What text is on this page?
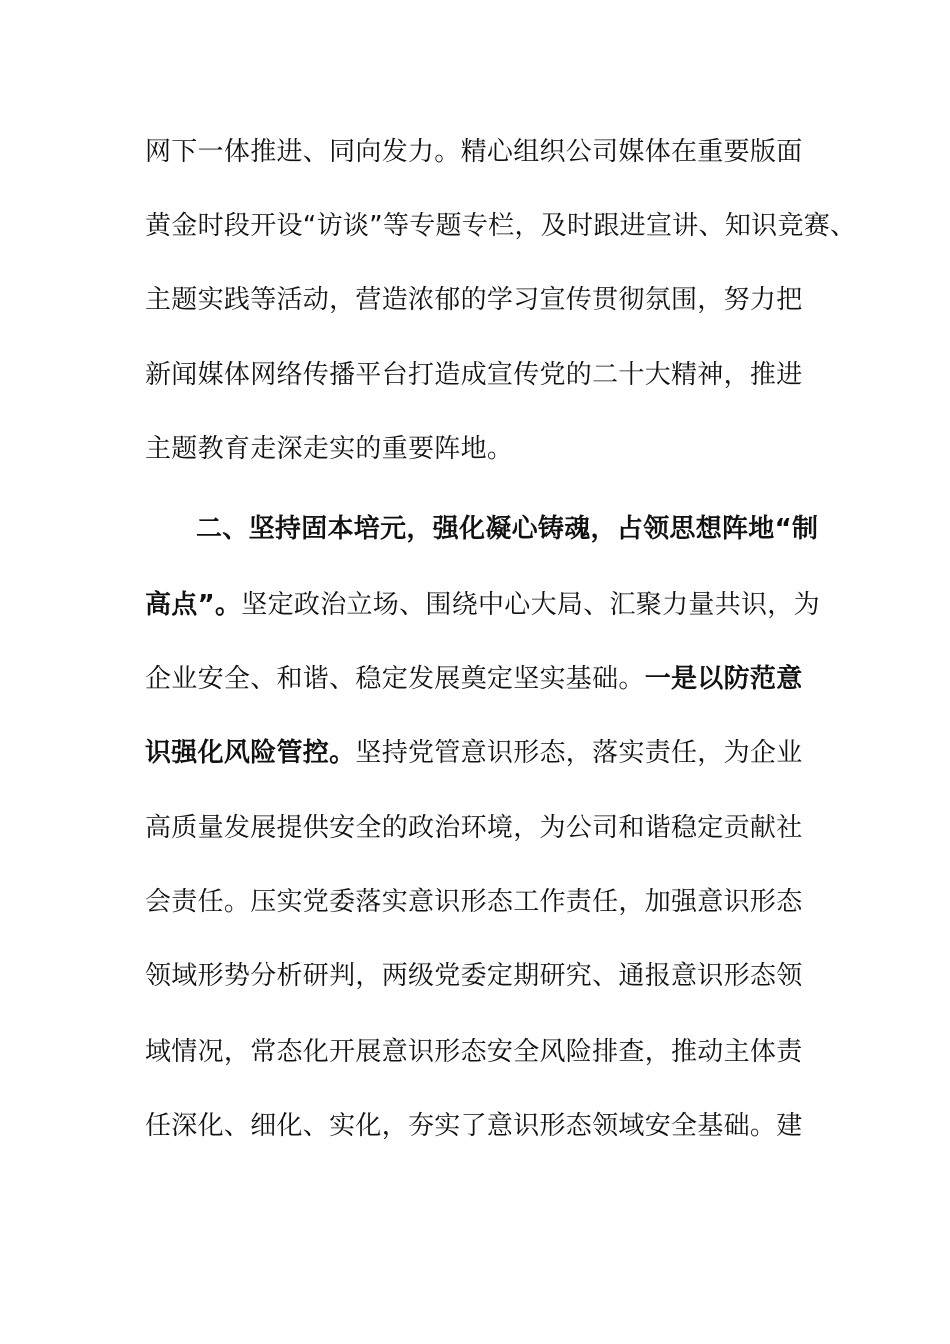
网下一体推进、同向发力。精心组织公司媒体在重要版面
黄金时段开设“访谈”等专题专栏，及时跟进宣讲、知识竞赛、
主题实践等活动，营造浓郁的学习宣传贯彻氛围，努力把
新闻媒体网络传播平台打造成宣传党的二十大精神，推进
主题教育走深走实的重要阵地。
二、坚持固本培元，强化凝心铸魂，占领思想阵地“制
高点”。坚定政治立场、围绕中心大局、汇聚力量共识，为
企业安全、和谐、稳定发展奠定坚实基础。一是以防范意
识强化风险管控。坚持党管意识形态，落实责任，为企业
高质量发展提供安全的政治环境，为公司和谐稳定贡献社
会责任。压实党委落实意识形态工作责任，加强意识形态
领域形势分析研判，两级党委定期研究、通报意识形态领
域情况，常态化开展意识形态安全风险排查，推动主体责
任深化、细化、实化，夯实了意识形态领域安全基础。建
